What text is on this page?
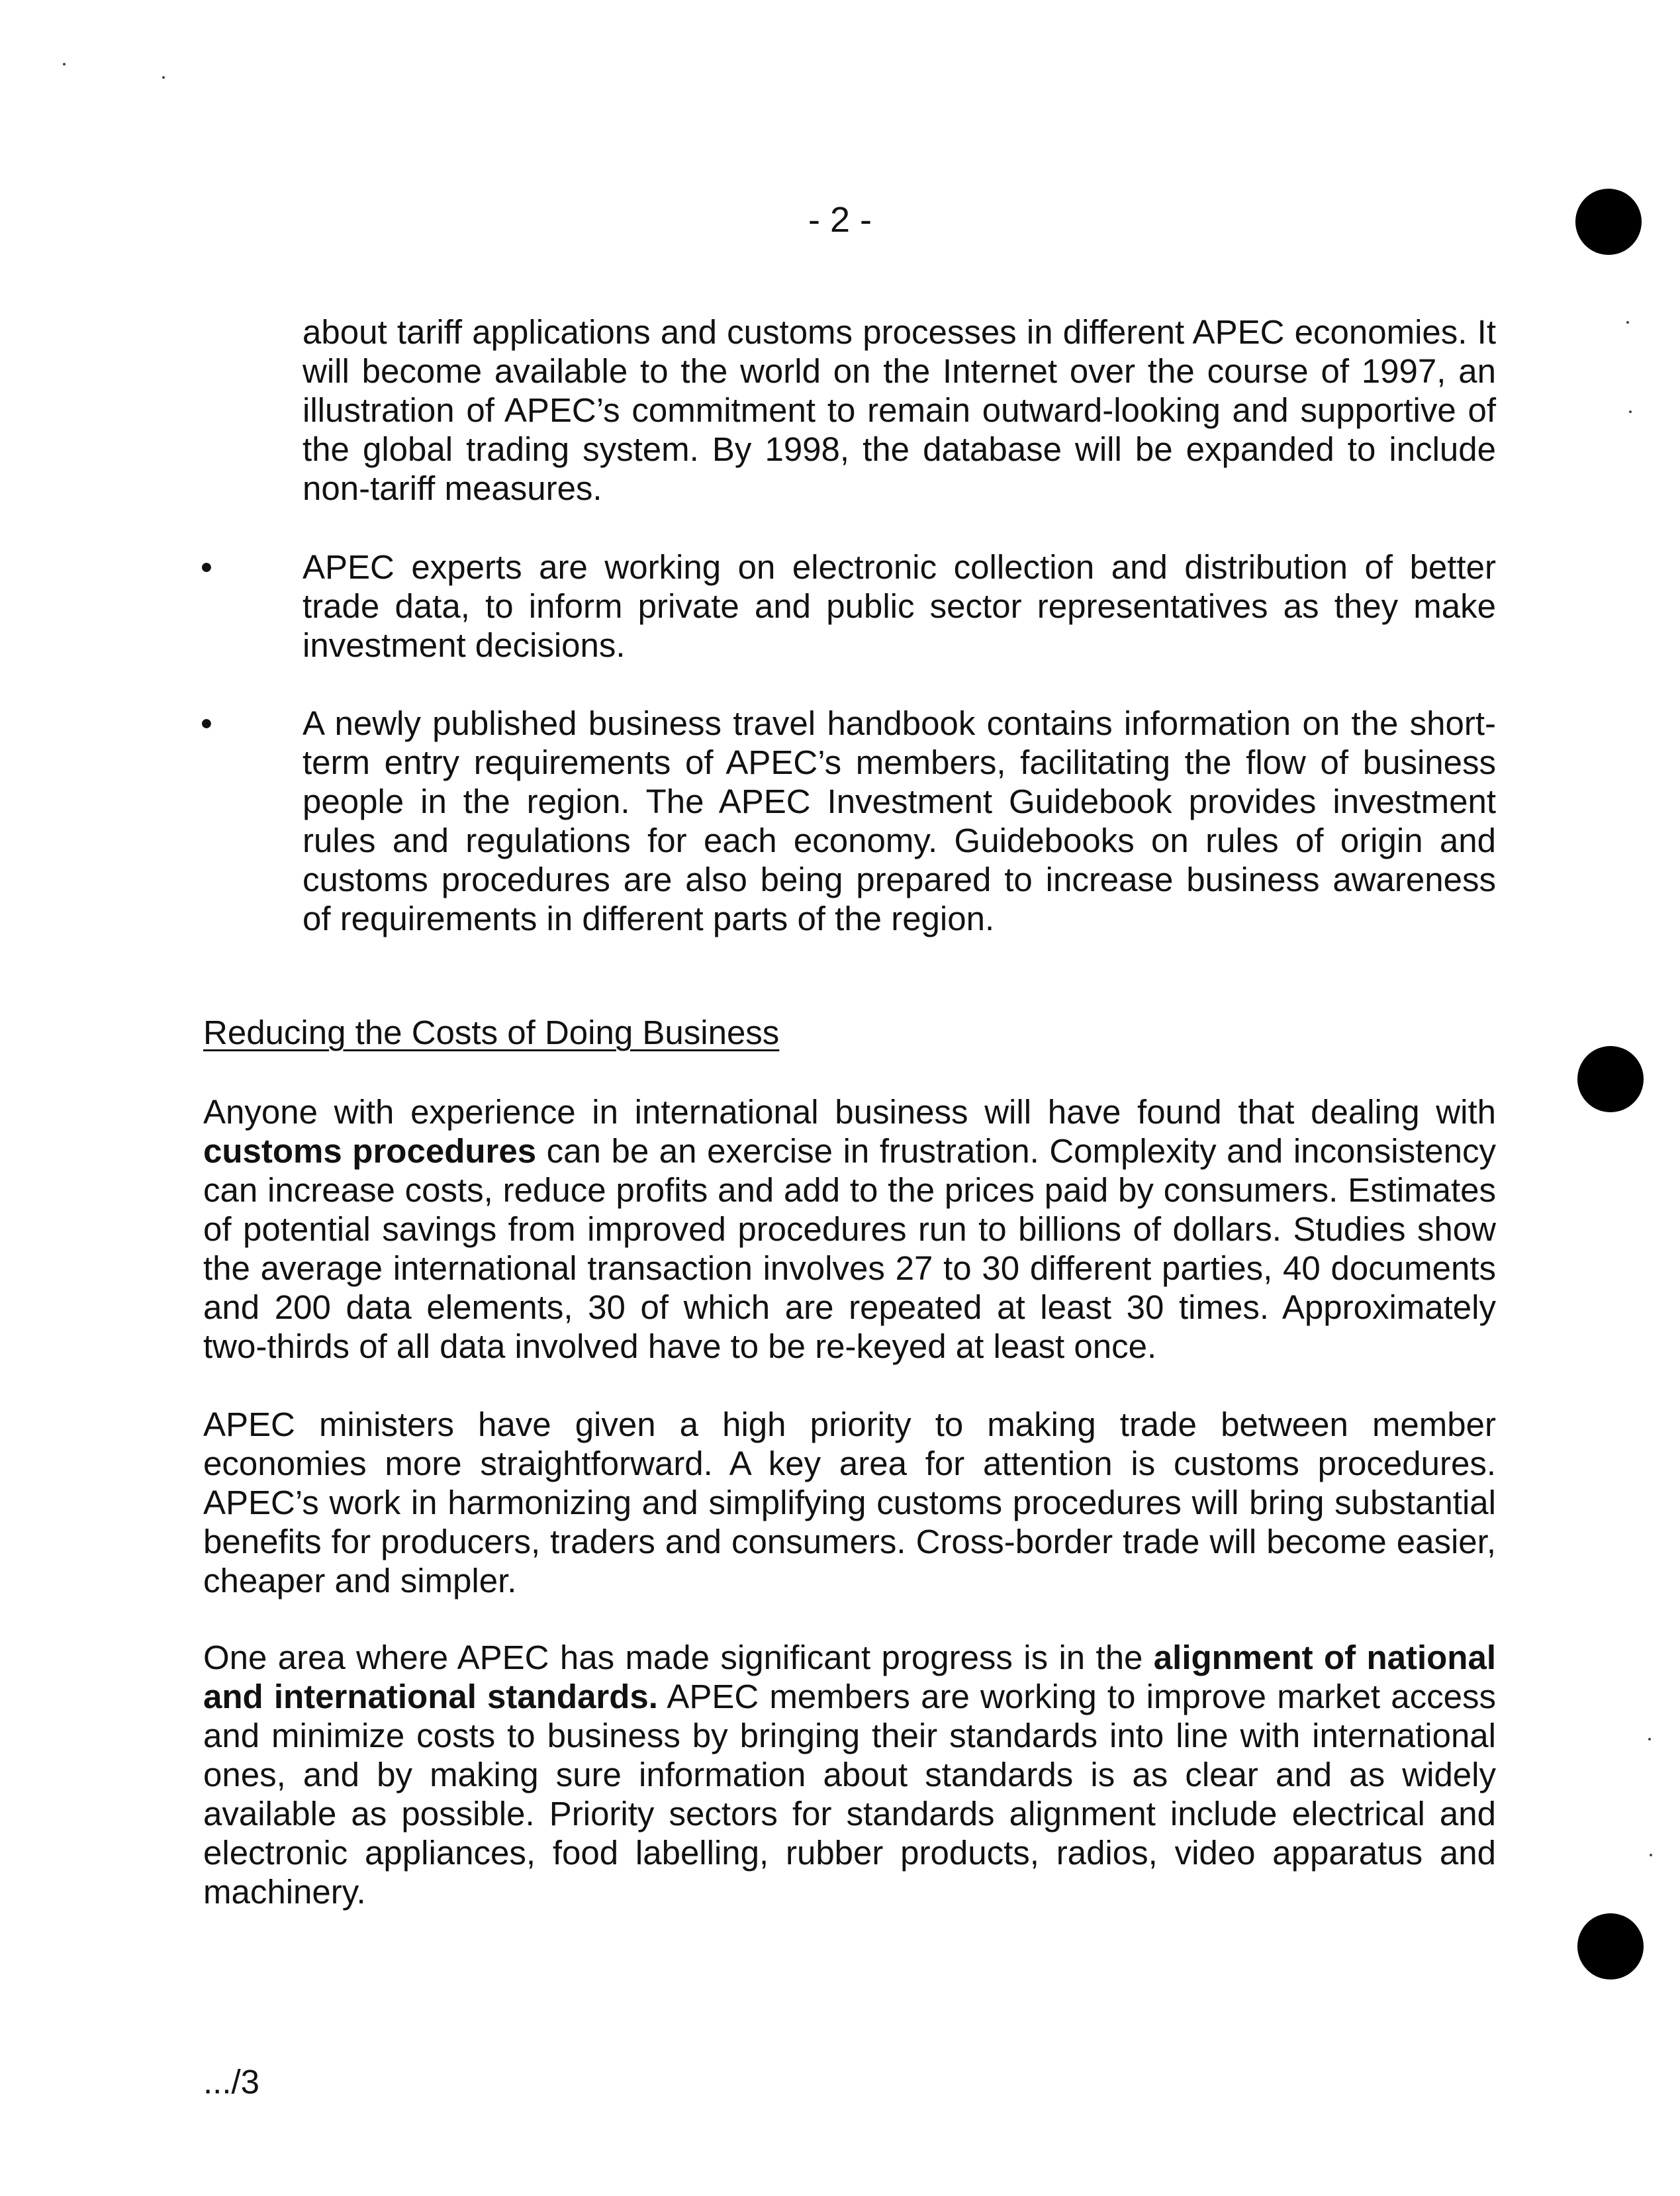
- 2 -

about tariff applications and customs processes in different APEC economies. It will become available to the world on the Internet over the course of 1997, an illustration of APEC’s commitment to remain outward-looking and supportive of the global trading system. By 1998, the database will be expanded to include non-tariff measures.

•	APEC experts are working on electronic collection and distribution of better trade data, to inform private and public sector representatives as they make investment decisions.

•	A newly published business travel handbook contains information on the short-term entry requirements of APEC’s members, facilitating the flow of business people in the region. The APEC Investment Guidebook provides investment rules and regulations for each economy. Guidebooks on rules of origin and customs procedures are also being prepared to increase business awareness of requirements in different parts of the region.

Reducing the Costs of Doing Business

Anyone with experience in international business will have found that dealing with customs procedures can be an exercise in frustration. Complexity and inconsistency can increase costs, reduce profits and add to the prices paid by consumers. Estimates of potential savings from improved procedures run to billions of dollars. Studies show the average international transaction involves 27 to 30 different parties, 40 documents and 200 data elements, 30 of which are repeated at least 30 times. Approximately two-thirds of all data involved have to be re-keyed at least once.

APEC ministers have given a high priority to making trade between member economies more straightforward. A key area for attention is customs procedures. APEC’s work in harmonizing and simplifying customs procedures will bring substantial benefits for producers, traders and consumers. Cross-border trade will become easier, cheaper and simpler.

One area where APEC has made significant progress is in the alignment of national and international standards. APEC members are working to improve market access and minimize costs to business by bringing their standards into line with international ones, and by making sure information about standards is as clear and as widely available as possible. Priority sectors for standards alignment include electrical and electronic appliances, food labelling, rubber products, radios, video apparatus and machinery.

.../3
